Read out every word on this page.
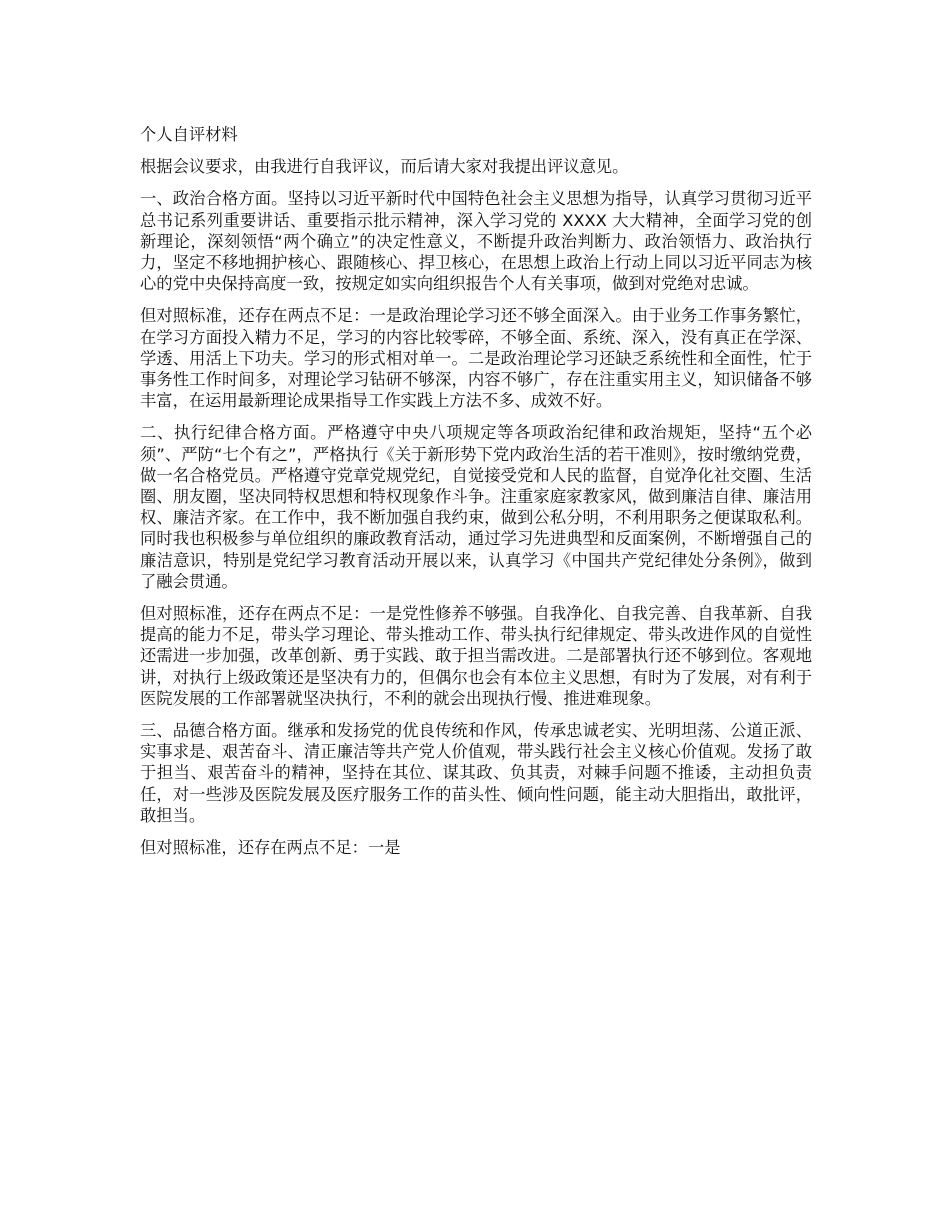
个人自评材料

根据会议要求，由我进行自我评议，而后请大家对我提出评议意见。

一、政治合格方面。坚持以习近平新时代中国特色社会主义思想为指导，认真学习贯彻习近平总书记系列重要讲话、重要指示批示精神，深入学习党的 XXXX 大大精神，全面学习党的创新理论，深刻领悟“两个确立”的决定性意义，不断提升政治判断力、政治领悟力、政治执行力，坚定不移地拥护核心、跟随核心、捍卫核心，在思想上政治上行动上同以习近平同志为核心的党中央保持高度一致，按规定如实向组织报告个人有关事项，做到对党绝对忠诚。

但对照标准，还存在两点不足：一是政治理论学习还不够全面深入。由于业务工作事务繁忙，在学习方面投入精力不足，学习的内容比较零碎，不够全面、系统、深入，没有真正在学深、学透、用活上下功夫。学习的形式相对单一。二是政治理论学习还缺乏系统性和全面性，忙于事务性工作时间多，对理论学习钻研不够深，内容不够广，存在注重实用主义，知识储备不够丰富，在运用最新理论成果指导工作实践上方法不多、成效不好。

二、执行纪律合格方面。严格遵守中央八项规定等各项政治纪律和政治规矩，坚持“五个必须”、严防“七个有之”，严格执行《关于新形势下党内政治生活的若干准则》，按时缴纳党费，做一名合格党员。严格遵守党章党规党纪，自觉接受党和人民的监督，自觉净化社交圈、生活圈、朋友圈，坚决同特权思想和特权现象作斗争。注重家庭家教家风，做到廉洁自律、廉洁用权、廉洁齐家。在工作中，我不断加强自我约束，做到公私分明，不利用职务之便谋取私利。同时我也积极参与单位组织的廉政教育活动，通过学习先进典型和反面案例，不断增强自己的廉洁意识，特别是党纪学习教育活动开展以来，认真学习《中国共产党纪律处分条例》，做到了融会贯通。

但对照标准，还存在两点不足：一是党性修养不够强。自我净化、自我完善、自我革新、自我提高的能力不足，带头学习理论、带头推动工作、带头执行纪律规定、带头改进作风的自觉性还需进一步加强，改革创新、勇于实践、敢于担当需改进。二是部署执行还不够到位。客观地讲，对执行上级政策还是坚决有力的，但偶尔也会有本位主义思想，有时为了发展，对有利于医院发展的工作部署就坚决执行，不利的就会出现执行慢、推进难现象。

三、品德合格方面。继承和发扬党的优良传统和作风，传承忠诚老实、光明坦荡、公道正派、实事求是、艰苦奋斗、清正廉洁等共产党人价值观，带头践行社会主义核心价值观。发扬了敢于担当、艰苦奋斗的精神，坚持在其位、谋其政、负其责，对棘手问题不推诿，主动担负责任，对一些涉及医院发展及医疗服务工作的苗头性、倾向性问题，能主动大胆指出，敢批评，敢担当。

但对照标准，还存在两点不足：一是
